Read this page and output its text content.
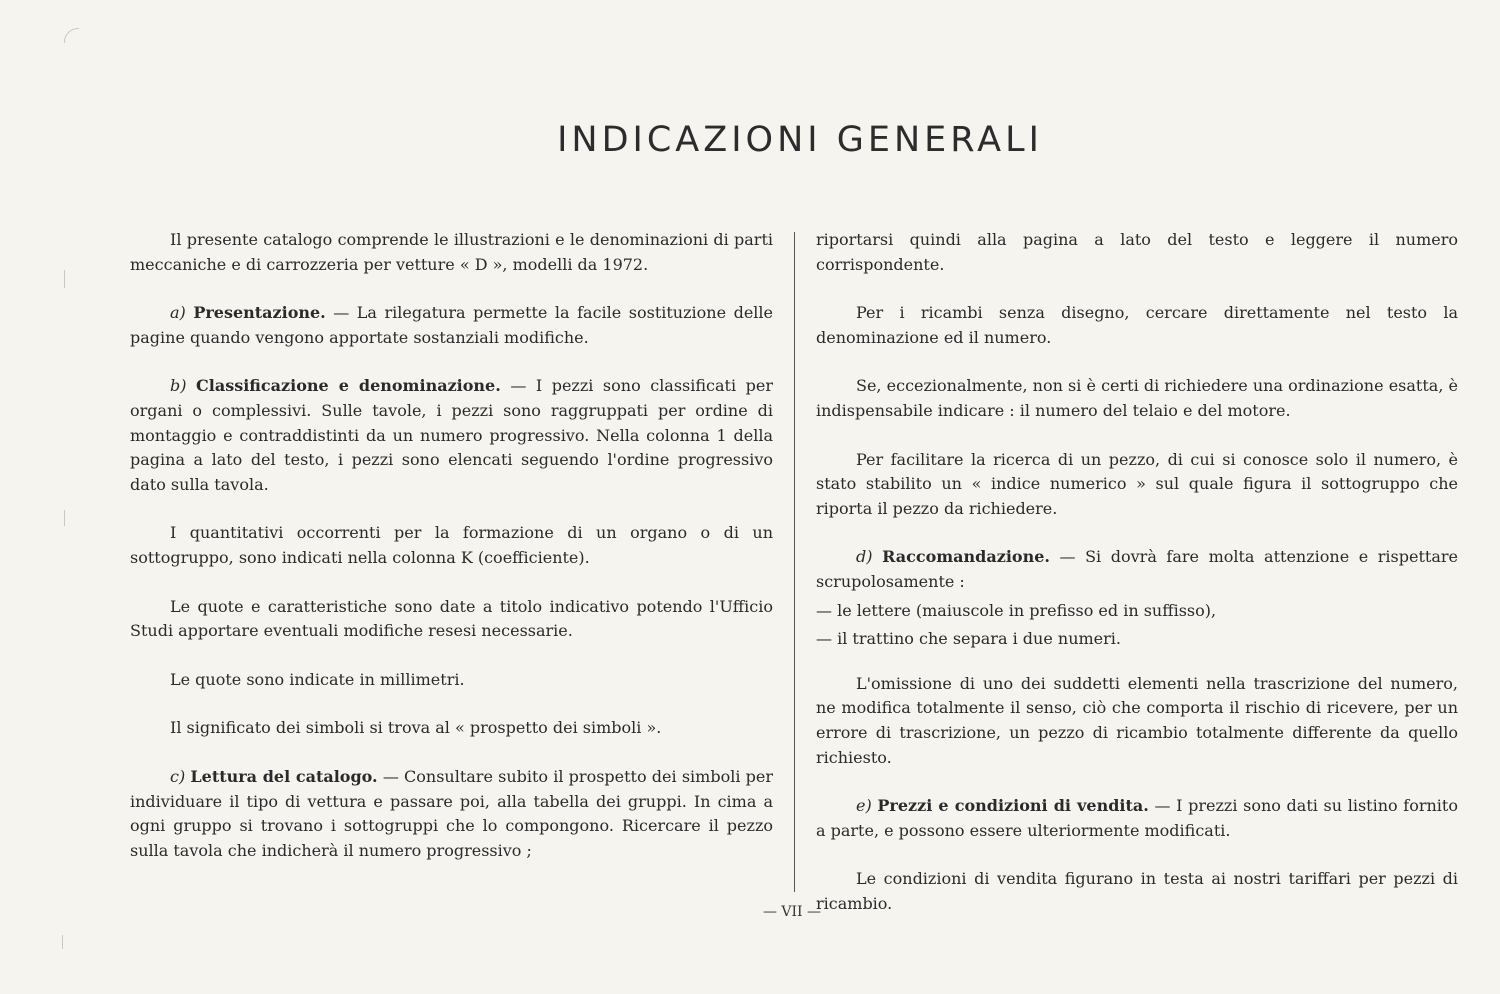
INDICAZIONI GENERALI

Il presente catalogo comprende le illustrazioni e le denominazioni di parti meccaniche e di carrozzeria per vetture « D », modelli da 1972.

a) Presentazione. — La rilegatura permette la facile sostituzione delle pagine quando vengono apportate sostanziali modifiche.

b) Classificazione e denominazione. — I pezzi sono classificati per organi o complessivi. Sulle tavole, i pezzi sono raggruppati per ordine di montaggio e contraddistinti da un numero progressivo. Nella colonna 1 della pagina a lato del testo, i pezzi sono elencati seguendo l'ordine progressivo dato sulla tavola.

I quantitativi occorrenti per la formazione di un organo o di un sottogruppo, sono indicati nella colonna K (coefficiente).

Le quote e caratteristiche sono date a titolo indicativo potendo l'Ufficio Studi apportare eventuali modifiche resesi necessarie.

Le quote sono indicate in millimetri.

Il significato dei simboli si trova al « prospetto dei simboli ».

c) Lettura del catalogo. — Consultare subito il prospetto dei simboli per individuare il tipo di vettura e passare poi, alla tabella dei gruppi. In cima a ogni gruppo si trovano i sottogruppi che lo compongono. Ricercare il pezzo sulla tavola che indicherà il numero progressivo ;

riportarsi quindi alla pagina a lato del testo e leggere il numero corrispondente.

Per i ricambi senza disegno, cercare direttamente nel testo la denominazione ed il numero.

Se, eccezionalmente, non si è certi di richiedere una ordinazione esatta, è indispensabile indicare : il numero del telaio e del motore.

Per facilitare la ricerca di un pezzo, di cui si conosce solo il numero, è stato stabilito un « indice numerico » sul quale figura il sottogruppo che riporta il pezzo da richiedere.

d) Raccomandazione. — Si dovrà fare molta attenzione e rispettare scrupolosamente :

— le lettere (maiuscole in prefisso ed in suffisso),

— il trattino che separa i due numeri.

L'omissione di uno dei suddetti elementi nella trascrizione del numero, ne modifica totalmente il senso, ciò che comporta il rischio di ricevere, per un errore di trascrizione, un pezzo di ricambio totalmente differente da quello richiesto.

e) Prezzi e condizioni di vendita. — I prezzi sono dati su listino fornito a parte, e possono essere ulteriormente modificati.

Le condizioni di vendita figurano in testa ai nostri tariffari per pezzi di ricambio.

— VII —
